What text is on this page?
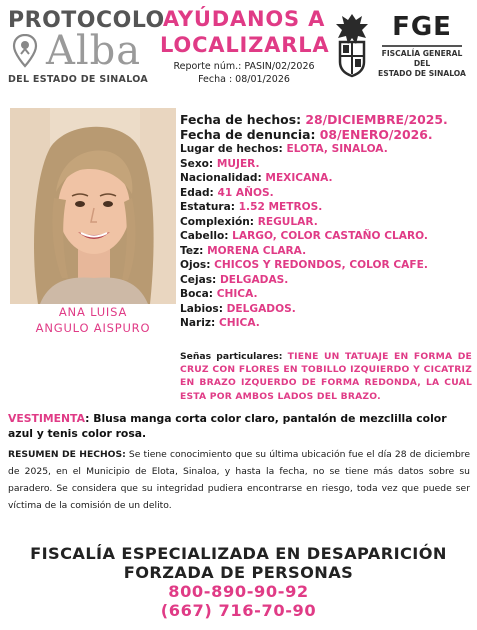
PROTOCOLO
Alba
DEL ESTADO DE SINALOA
AYÚDANOS A
LOCALIZARLA
Reporte núm.: PASIN/02/2026
Fecha : 08/01/2026
FGE
FISCALÍA GENERAL DEL
ESTADO DE SINALOA
ANA LUISA
ANGULO AISPURO
Fecha de hechos: 28/DICIEMBRE/2025.
Fecha de denuncia: 08/ENERO/2026.
Lugar de hechos: ELOTA, SINALOA.
Sexo: MUJER.
Nacionalidad: MEXICANA.
Edad: 41 AÑOS.
Estatura: 1.52 METROS.
Complexión: REGULAR.
Cabello: LARGO, COLOR CASTAÑO CLARO.
Tez: MORENA CLARA.
Ojos: CHICOS Y REDONDOS, COLOR CAFE.
Cejas: DELGADAS.
Boca: CHICA.
Labios: DELGADOS.
Nariz: CHICA.
Señas particulares: TIENE UN TATUAJE EN FORMA DE CRUZ CON FLORES EN TOBILLO IZQUIERDO Y CICATRIZ EN BRAZO IZQUERDO DE FORMA REDONDA, LA CUAL ESTA POR AMBOS LADOS DEL BRAZO.
VESTIMENTA: Blusa manga corta color claro, pantalón de mezclilla color azul y tenis color rosa.
RESUMEN DE HECHOS: Se tiene conocimiento que su última ubicación fue el día 28 de diciembre de 2025, en el Municipio de Elota, Sinaloa, y hasta la fecha, no se tiene más datos sobre su paradero. Se considera que su integridad pudiera encontrarse en riesgo, toda vez que puede ser víctima de la comisión de un delito.
FISCALÍA ESPECIALIZADA EN DESAPARICIÓN
FORZADA DE PERSONAS
800-890-90-92
(667) 716-70-90
